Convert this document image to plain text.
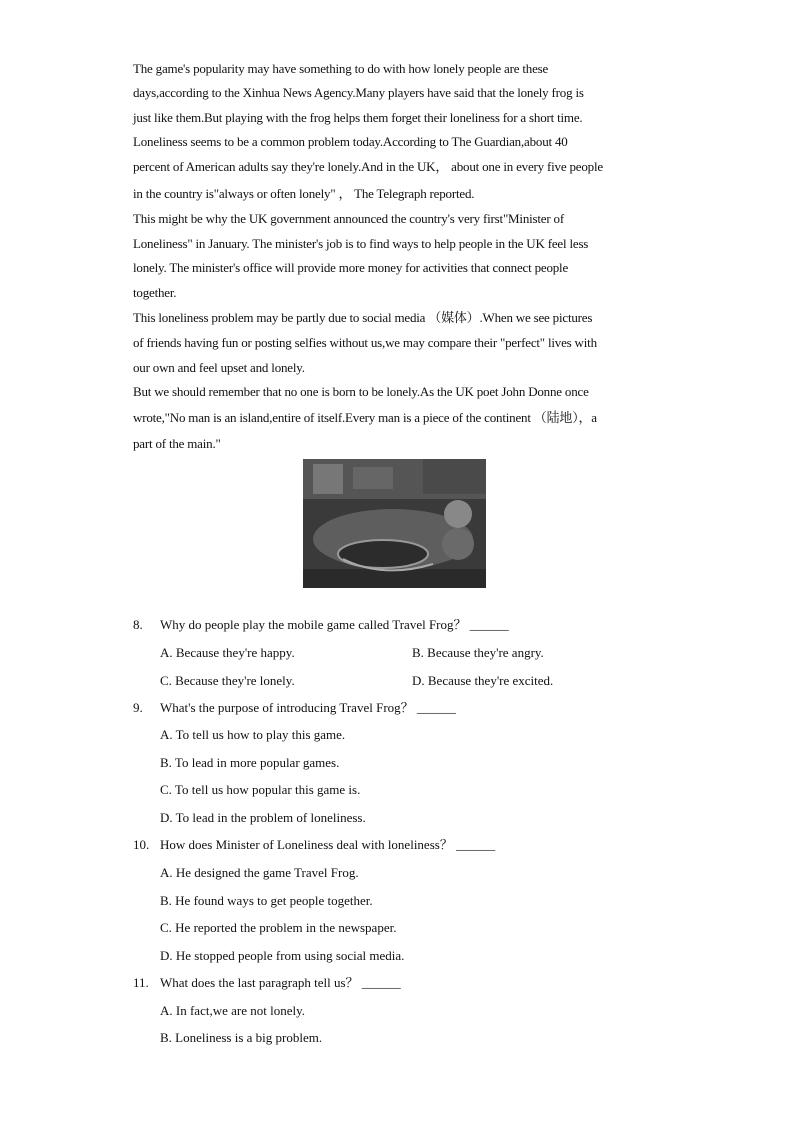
The game's popularity may have something to do with how lonely people are these
days,according to the Xinhua News Agency.Many players have said that the lonely frog is
just like them.But playing with the frog helps them forget their loneliness for a short time.
Loneliness seems to be a common problem today.According to The Guardian,about 40
percent of American adults say they're lonely.And in the UK， about one in every five people
in the country is"always or often lonely" ， The Telegraph reported.
This might be why the UK government announced the country's very first"Minister of
Loneliness" in January. The minister's job is to find ways to help people in the UK feel less
lonely. The minister's office will provide more money for activities that connect people
together.
This loneliness problem may be partly due to social media （媒体）.When we see pictures
of friends having fun or posting selfies without us,we may compare their "perfect" lives with
our own and feel upset and lonely.
But we should remember that no one is born to be lonely.As the UK poet John Donne once
wrote,"No man is an island,entire of itself.Every man is a piece of the continent （陆地），a
part of the main."
8. Why do people play the mobile game called Travel Frog？ ______
A. Because they're happy.	B. Because they're angry.
C. Because they're lonely.	D. Because they're excited.
9. What's the purpose of introducing Travel Frog？ ______
A. To tell us how to play this game.
B. To lead in more popular games.
C. To tell us how popular this game is.
D. To lead in the problem of loneliness.
10. How does Minister of Loneliness deal with loneliness？ ______
A. He designed the game Travel Frog.
B. He found ways to get people together.
C. He reported the problem in the newspaper.
D. He stopped people from using social media.
11. What does the last paragraph tell us？ ______
A. In fact,we are not lonely.
B. Loneliness is a big problem.
